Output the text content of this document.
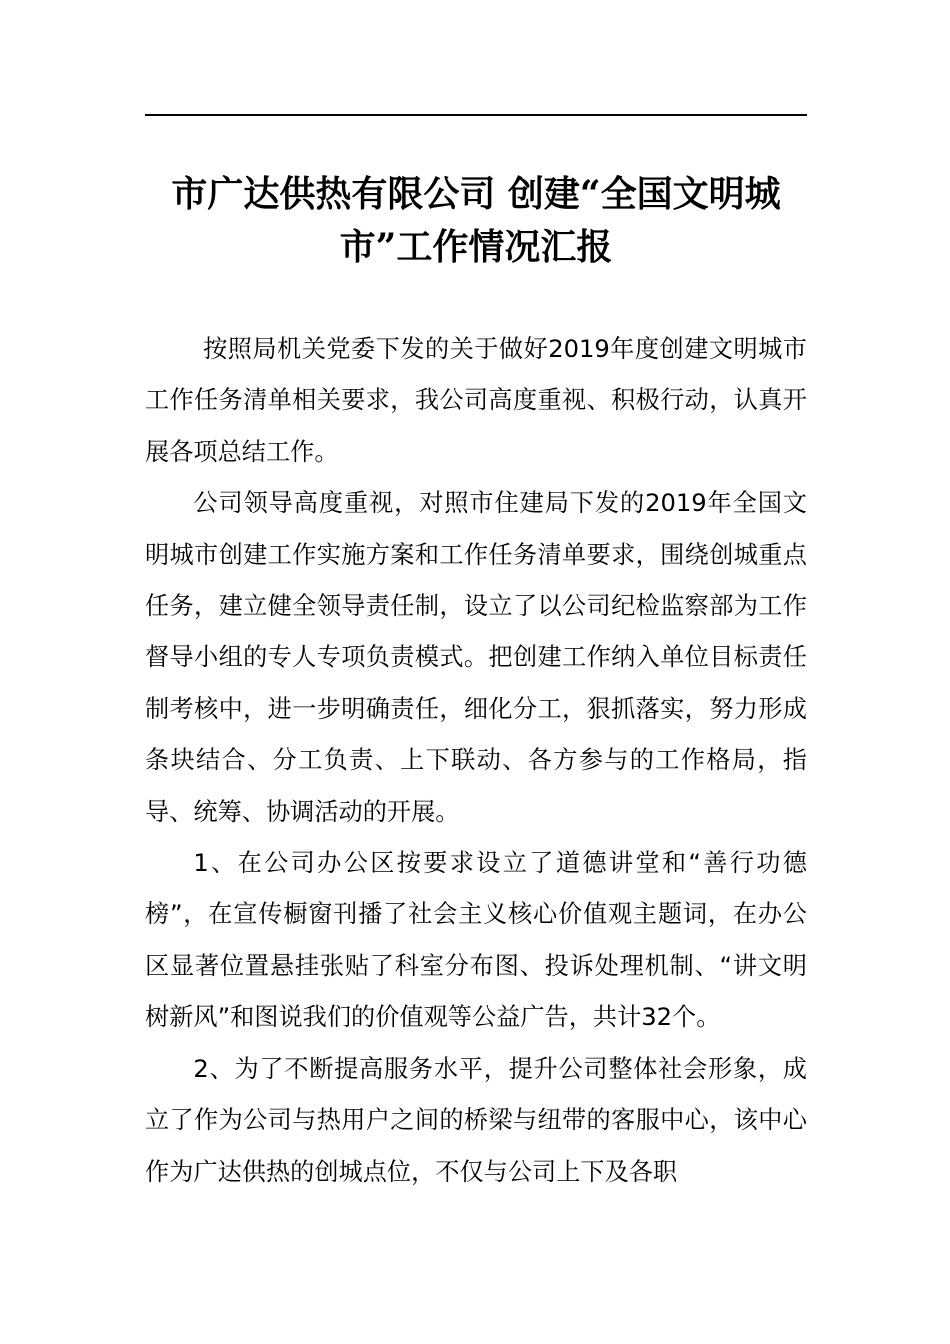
市广达供热有限公司 创建“全国文明城
市”工作情况汇报

按照局机关党委下发的关于做好2019年度创建文明城市工作任务清单相关要求，我公司高度重视、积极行动，认真开展各项总结工作。

公司领导高度重视，对照市住建局下发的2019年全国文明城市创建工作实施方案和工作任务清单要求，围绕创城重点任务，建立健全领导责任制，设立了以公司纪检监察部为工作督导小组的专人专项负责模式。把创建工作纳入单位目标责任制考核中，进一步明确责任，细化分工，狠抓落实，努力形成条块结合、分工负责、上下联动、各方参与的工作格局，指导、统筹、协调活动的开展。

1、在公司办公区按要求设立了道德讲堂和“善行功德榜”，在宣传橱窗刊播了社会主义核心价值观主题词，在办公区显著位置悬挂张贴了科室分布图、投诉处理机制、“讲文明树新风”和图说我们的价值观等公益广告，共计32个。

2、为了不断提高服务水平，提升公司整体社会形象，成立了作为公司与热用户之间的桥梁与纽带的客服中心，该中心作为广达供热的创城点位，不仅与公司上下及各职
